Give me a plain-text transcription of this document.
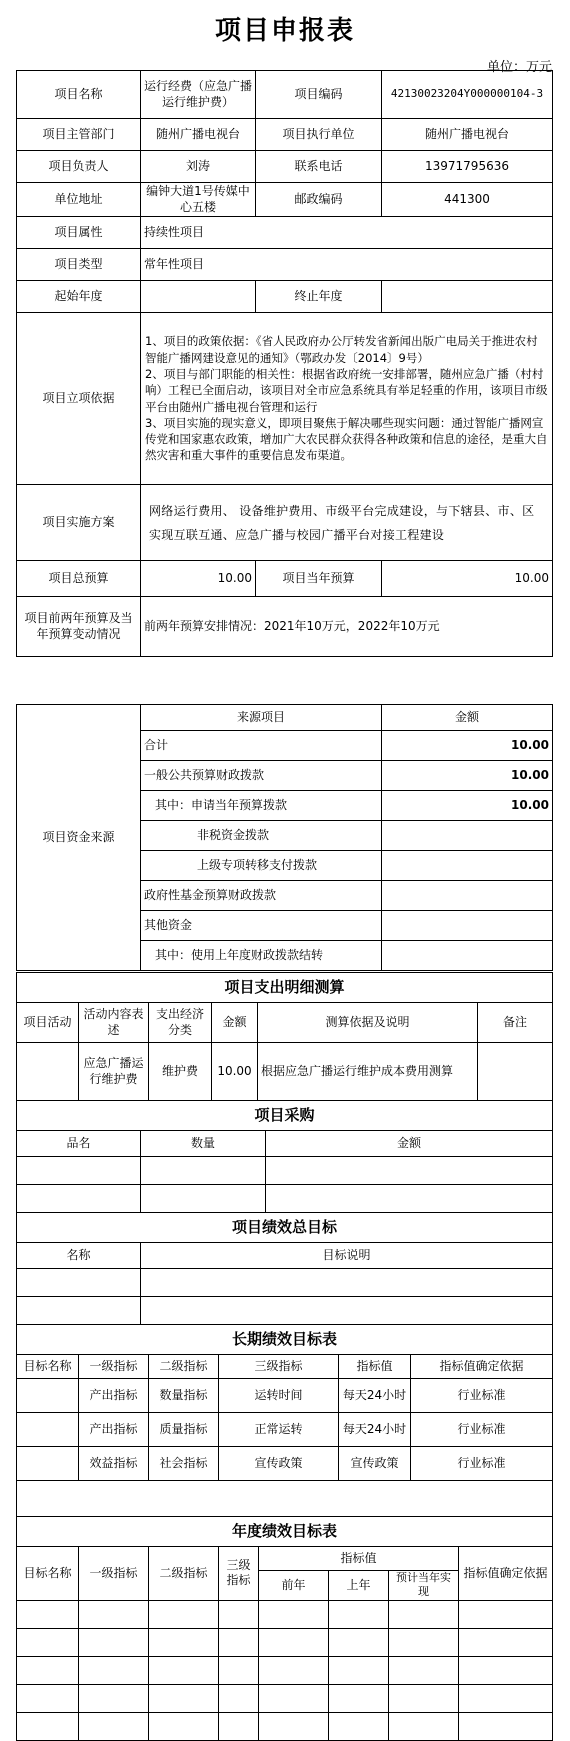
项目申报表
单位：万元
项目名称	运行经费（应急广播运行维护费）	项目编码	42130023204Y000000104-3
项目主管部门	随州广播电视台	项目执行单位	随州广播电视台
项目负责人	刘涛	联系电话	13971795636
单位地址	编钟大道1号传媒中心五楼	邮政编码	441300
项目属性	持续性项目		
项目类型	常年性项目		
起始年度		终止年度	
项目立项依据	1、项目的政策依据：《省人民政府办公厅转发省新闻出版广电局关于推进农村智能广播网建设意见的通知》（鄂政办发〔2014〕9号）
2、项目与部门职能的相关性：根据省政府统一安排部署，随州应急广播（村村响）工程已全面启动，该项目对全市应急系统具有举足轻重的作用，该项目市级平台由随州广播电视台管理和运行
3、项目实施的现实意义，即项目聚焦于解决哪些现实问题：通过智能广播网宣传党和国家惠农政策，增加广大农民群众获得各种政策和信息的途径，是重大自然灾害和重大事件的重要信息发布渠道。		
项目实施方案	网络运行费用、 设备维护费用、市级平台完成建设，与下辖县、市、区实现互联互通、应急广播与校园广播平台对接工程建设		
项目总预算	10.00	项目当年预算	10.00
项目前两年预算及当年预算变动情况	前两年预算安排情况：2021年10万元，2022年10万元		
项目资金来源	来源项目	金额
	合计	10.00
	一般公共预算财政拨款	10.00
	其中：申请当年预算拨款	10.00
	非税资金拨款	
	上级专项转移支付拨款	
	政府性基金预算财政拨款	
	其他资金	
	其中：使用上年度财政拨款结转	
项目支出明细测算					
项目活动	活动内容表述	支出经济分类	金额	测算依据及说明	备注
	应急广播运行维护费	维护费	10.00	根据应急广播运行维护成本费用测算	
项目采购		
品名	数量	金额

项目绩效总目标	
名称	目标说明

长期绩效目标表					
目标名称	一级指标	二级指标	三级指标	指标值	指标值确定依据
	产出指标	数量指标	运转时间	每天24小时	行业标准
	产出指标	质量指标	正常运转	每天24小时	行业标准
	效益指标	社会指标	宣传政策	宣传政策	行业标准

年度绩效目标表							
目标名称	一级指标	二级指标	三级指标	指标值			指标值确定依据
				前年	上年	预计当年实现	
